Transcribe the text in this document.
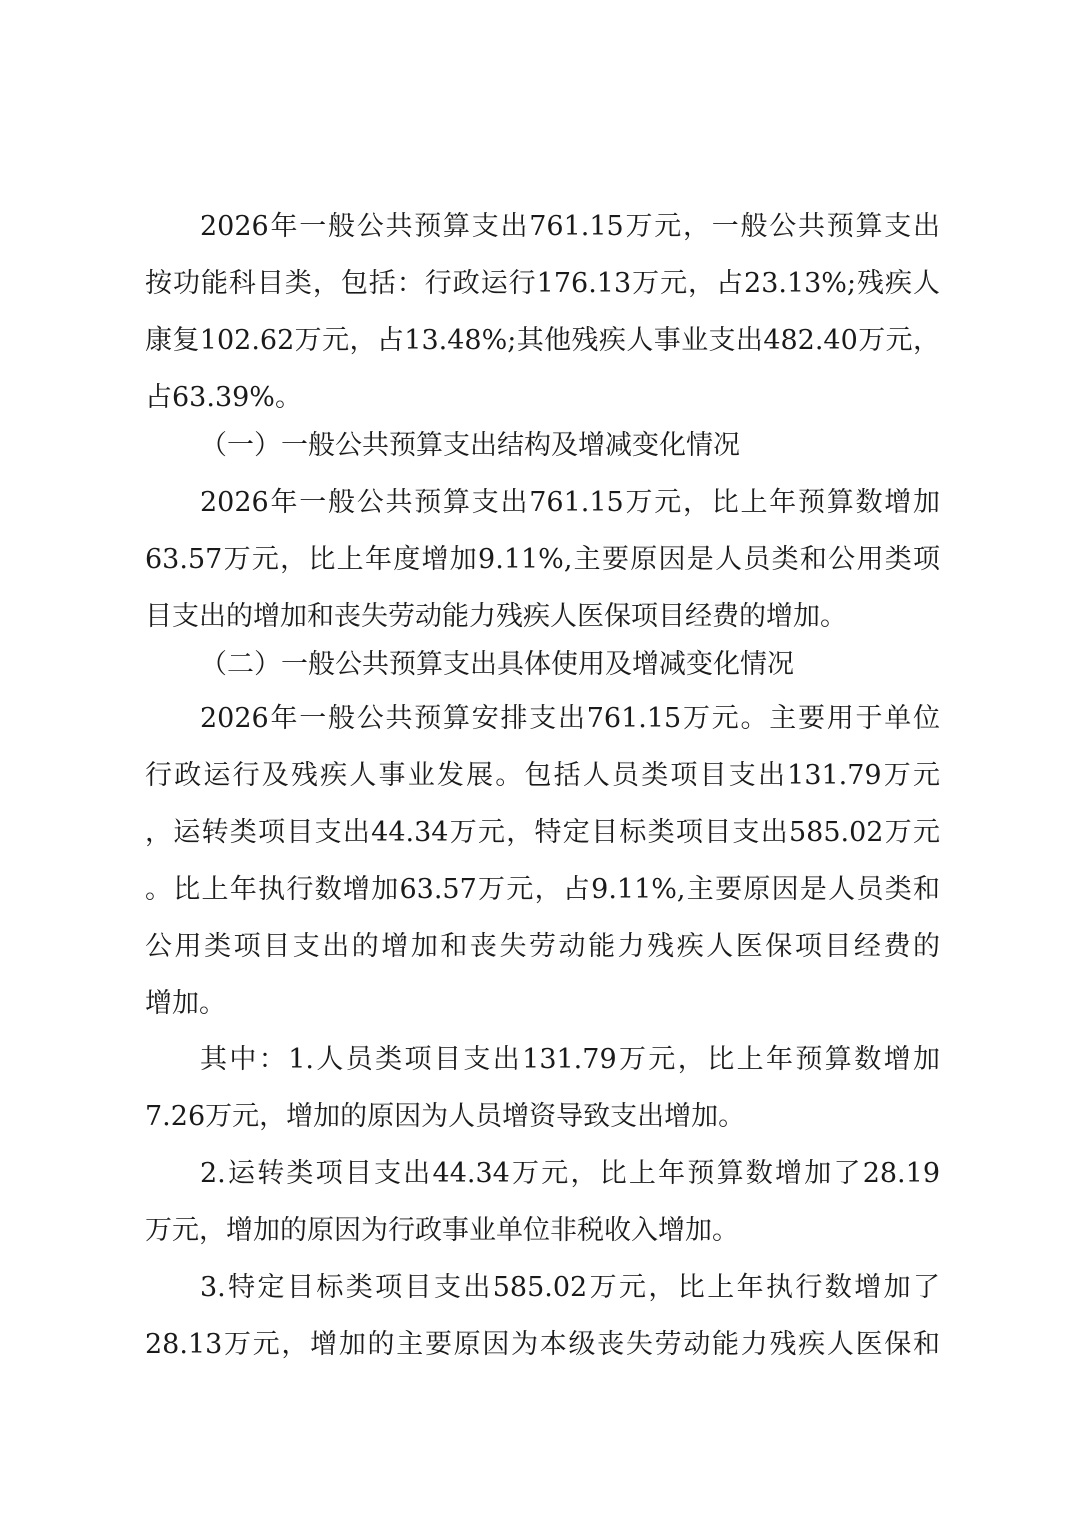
2026年一般公共预算支出761.15万元，一般公共预算支出
按功能科目类，包括：行政运行176.13万元，占23.13%;残疾人
康复102.62万元，占13.48%;其他残疾人事业支出482.40万元，
占63.39%。
（一）一般公共预算支出结构及增减变化情况
2026年一般公共预算支出761.15万元，比上年预算数增加
63.57万元，比上年度增加9.11%,主要原因是人员类和公用类项
目支出的增加和丧失劳动能力残疾人医保项目经费的增加。
（二）一般公共预算支出具体使用及增减变化情况
2026年一般公共预算安排支出761.15万元。主要用于单位
行政运行及残疾人事业发展。包括人员类项目支出131.79万元
，运转类项目支出44.34万元，特定目标类项目支出585.02万元
。比上年执行数增加63.57万元，占9.11%,主要原因是人员类和
公用类项目支出的增加和丧失劳动能力残疾人医保项目经费的
增加。
其中：1.人员类项目支出131.79万元，比上年预算数增加
7.26万元，增加的原因为人员增资导致支出增加。
2.运转类项目支出44.34万元，比上年预算数增加了28.19
万元，增加的原因为行政事业单位非税收入增加。
3.特定目标类项目支出585.02万元，比上年执行数增加了
28.13万元，增加的主要原因为本级丧失劳动能力残疾人医保和
